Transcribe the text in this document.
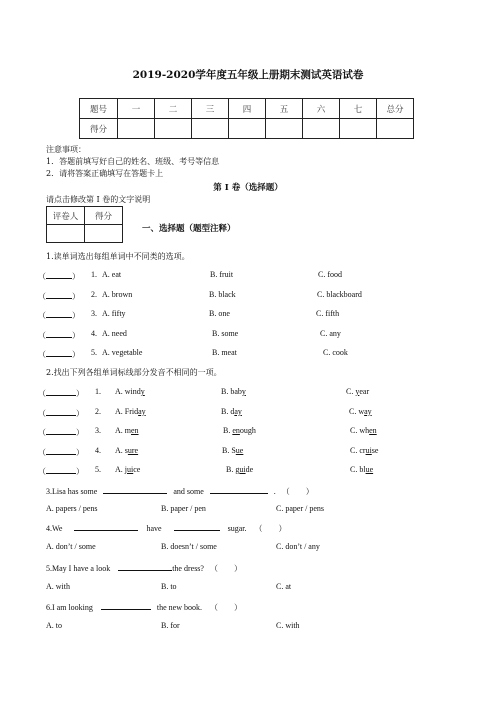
2019-2020学年度五年级上册期末测试英语试卷
题号	一	二	三	四	五	六	七	总分
得分								
注意事项：
1．答题前填写好自己的姓名、班级、考号等信息
2．请将答案正确填写在答题卡上
第 I 卷（选择题）
请点击修改第 I 卷的文字说明
评卷人	得分

一、选择题（题型注释）
1.读单词选出每组单词中不同类的选项。
（	） 1. A. eat	B. fruit	C. food
（	） 2. A. brown	B. black	C. blackboard
（	） 3. A. fifty	B. one	C. fifth
（	） 4. A. need	B. some	C. any
（	） 5. A. vegetable	B. meat	C. cook
2.找出下列各组单词标线部分发音不相同的一项。
（	） 1. A. windy	B. baby	C. year
（	） 2. A. Friday	B. day	C. way
（	） 3. A. men	B. enough	C. when
（	） 4. A. sure	B. Sue	C. cruise
（	） 5. A. juice	B. guide	C. blue
3.Lisa has some	and some	. （　　）
A. papers / pens	B. paper / pen	C. paper / pens
4.We	have	sugar. （　　）
A. don’t / some	B. doesn’t / some	C. don’t / any
5.May I have a look	the dress? （　　）
A. with	B. to	C. at
6.I am looking	the new book. （　　）
A. to	B. for	C. with
